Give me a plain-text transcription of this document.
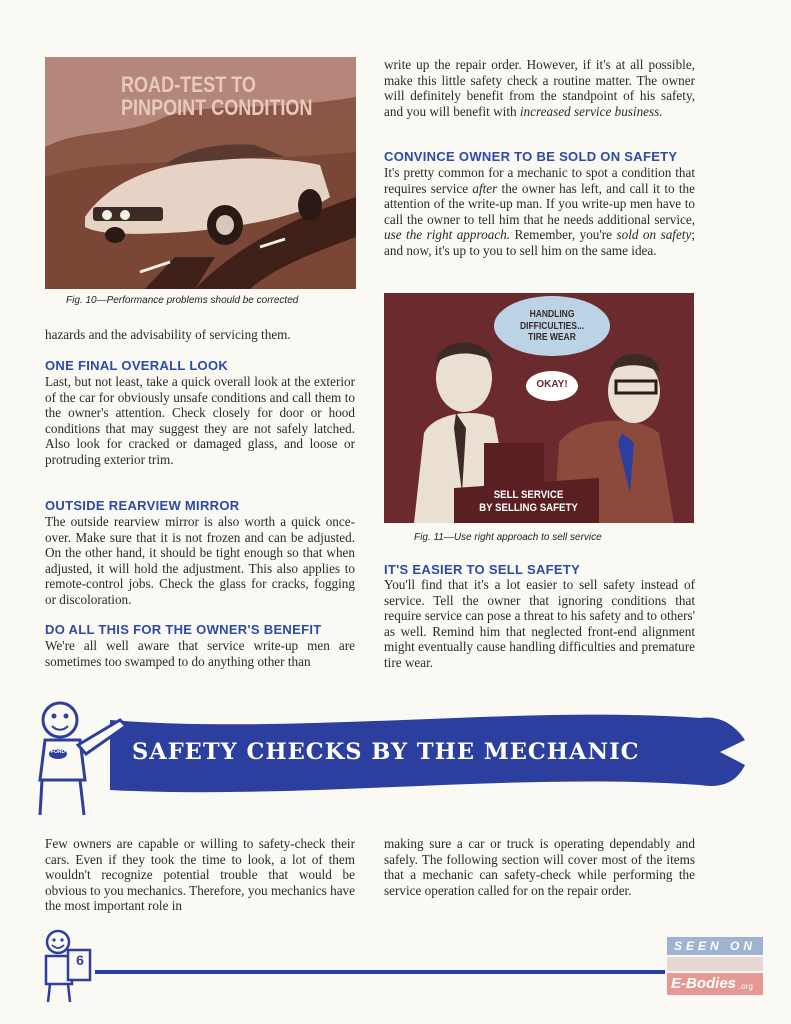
ROAD-TEST TO
PINPOINT CONDITION
Fig. 10—Performance problems should be corrected

hazards and the advisability of servicing them.

ONE FINAL OVERALL LOOK

Last, but not least, take a quick overall look at the exterior of the car for obviously unsafe conditions and call them to the owner's attention. Check closely for door or hood conditions that may suggest they are not safely latched. Also look for cracked or damaged glass, and loose or protruding exterior trim.

OUTSIDE REARVIEW MIRROR

The outside rearview mirror is also worth a quick once-over. Make sure that it is not frozen and can be adjusted. On the other hand, it should be tight enough so that when adjusted, it will hold the adjustment. This also applies to remote-control jobs. Check the glass for cracks, fogging or discoloration.

DO ALL THIS FOR THE OWNER'S BENEFIT

We're all well aware that service write-up men are sometimes too swamped to do anything other than

write up the repair order. However, if it's at all possible, make this little safety check a routine matter. The owner will definitely benefit from the standpoint of his safety, and you will benefit with increased service business.

CONVINCE OWNER TO BE SOLD ON SAFETY

It's pretty common for a mechanic to spot a condition that requires service after the owner has left, and call it to the attention of the write-up man. If you write-up men have to call the owner to tell him that he needs additional service, use the right approach. Remember, you're sold on safety; and now, it's up to you to sell him on the same idea.

HANDLING
DIFFICULTIES...
TIRE WEAR
OKAY!
SELL SERVICE
BY SELLING SAFETY
Fig. 11—Use right approach to sell service
IT'S EASIER TO SELL SAFETY

You'll find that it's a lot easier to sell safety instead of service. Tell the owner that ignoring conditions that require service can pose a threat to his safety and to others' as well. Remind him that neglected front-end alignment might eventually cause handling difficulties and premature tire wear.

FORD	SAFETY CHECKS BY THE MECHANIC

Few owners are capable or willing to safety-check their cars. Even if they took the time to look, a lot of them wouldn't recognize potential trouble that would be obvious to you mechanics. Therefore, you mechanics have the most important role in

making sure a car or truck is operating dependably and safely. The following section will cover most of the items that a mechanic can safety-check while performing the service operation called for on the repair order.

6
SEEN ON
E-Bodies .org
